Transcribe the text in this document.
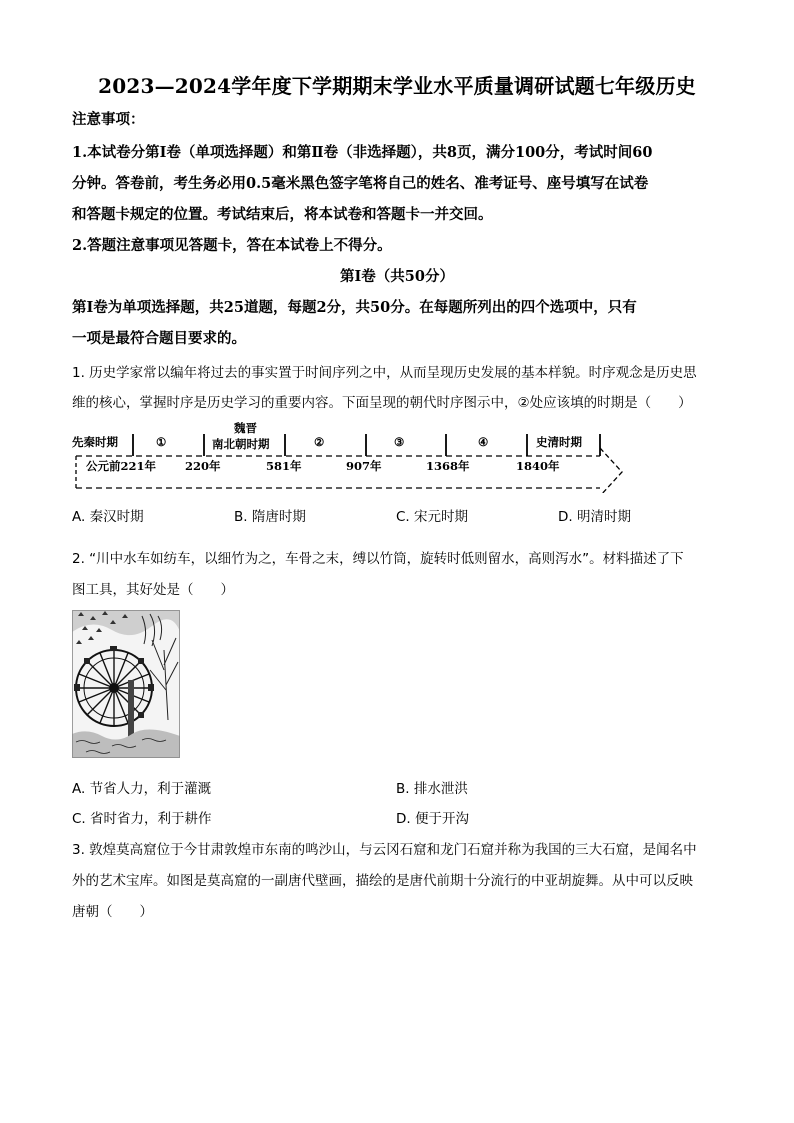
2023—2024学年度下学期期末学业水平质量调研试题七年级历史
注意事项：
1.本试卷分第Ⅰ卷（单项选择题）和第Ⅱ卷（非选择题），共8页，满分100分，考试时间60
分钟。答卷前，考生务必用0.5毫米黑色签字笔将自己的姓名、准考证号、座号填写在试卷
和答题卡规定的位置。考试结束后，将本试卷和答题卡一并交回。
2.答题注意事项见答题卡，答在本试卷上不得分。
第Ⅰ卷（共50分）
第Ⅰ卷为单项选择题，共25道题，每题2分，共50分。在每题所列出的四个选项中，只有
一项是最符合题目要求的。
1. 历史学家常以编年将过去的事实置于时间序列之中，从而呈现历史发展的基本样貌。时序观念是历史思
维的核心，掌握时序是历史学习的重要内容。下面呈现的朝代时序图示中，②处应该填的时期是（　　）
先秦时期	①
魏晋
南北朝时期	②	③	④	史清时期
公元前221年	220年	581年	907年	1368年	1840年
A. 秦汉时期	B. 隋唐时期	C. 宋元时期	D. 明清时期
2. “川中水车如纺车，以细竹为之，车骨之末，缚以竹筒，旋转时低则留水，高则泻水”。材料描述了下
图工具，其好处是（　　）
A. 节省人力，利于灌溉	B. 排水泄洪
C. 省时省力，利于耕作	D. 便于开沟
3. 敦煌莫高窟位于今甘肃敦煌市东南的鸣沙山，与云冈石窟和龙门石窟并称为我国的三大石窟，是闻名中
外的艺术宝库。如图是莫高窟的一副唐代壁画，描绘的是唐代前期十分流行的中亚胡旋舞。从中可以反映
唐朝（　　）
